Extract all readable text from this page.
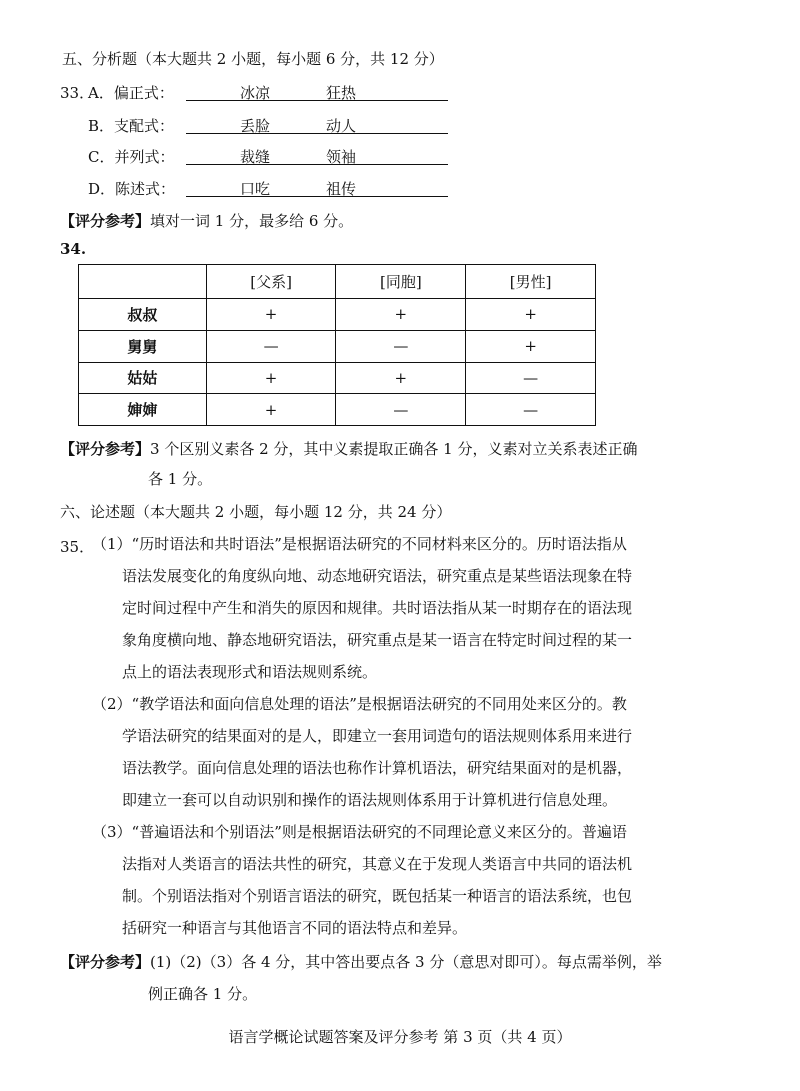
五、分析题（本大题共 2 小题，每小题 6 分，共 12 分）
33．
A．偏正式：	冰凉	狂热
B．支配式：	丢脸	动人
C．并列式：	裁缝	领袖
D．陈述式：	口吃	祖传
【评分参考】填对一词 1 分，最多给 6 分。
34.
	[父系]	[同胞]	[男性]
叔叔	+	+	+
舅舅	—	—	+
姑姑	+	+	—
婶婶	+	—	—
【评分参考】3 个区别义素各 2 分，其中义素提取正确各 1 分，义素对立关系表述正确
各 1 分。
六、论述题（本大题共 2 小题，每小题 12 分，共 24 分）
35．
（1）“历时语法和共时语法”是根据语法研究的不同材料来区分的。历时语法指从
语法发展变化的角度纵向地、动态地研究语法，研究重点是某些语法现象在特
定时间过程中产生和消失的原因和规律。共时语法指从某一时期存在的语法现
象角度横向地、静态地研究语法，研究重点是某一语言在特定时间过程的某一
点上的语法表现形式和语法规则系统。
（2）“教学语法和面向信息处理的语法”是根据语法研究的不同用处来区分的。教
学语法研究的结果面对的是人，即建立一套用词造句的语法规则体系用来进行
语法教学。面向信息处理的语法也称作计算机语法，研究结果面对的是机器，
即建立一套可以自动识别和操作的语法规则体系用于计算机进行信息处理。
（3）“普遍语法和个别语法”则是根据语法研究的不同理论意义来区分的。普遍语
法指对人类语言的语法共性的研究，其意义在于发现人类语言中共同的语法机
制。个别语法指对个别语言语法的研究，既包括某一种语言的语法系统，也包
括研究一种语言与其他语言不同的语法特点和差异。
【评分参考】(1)（2)（3）各 4 分，其中答出要点各 3 分（意思对即可）。每点需举例，举
例正确各 1 分。
语言学概论试题答案及评分参考 第 3 页（共 4 页）
